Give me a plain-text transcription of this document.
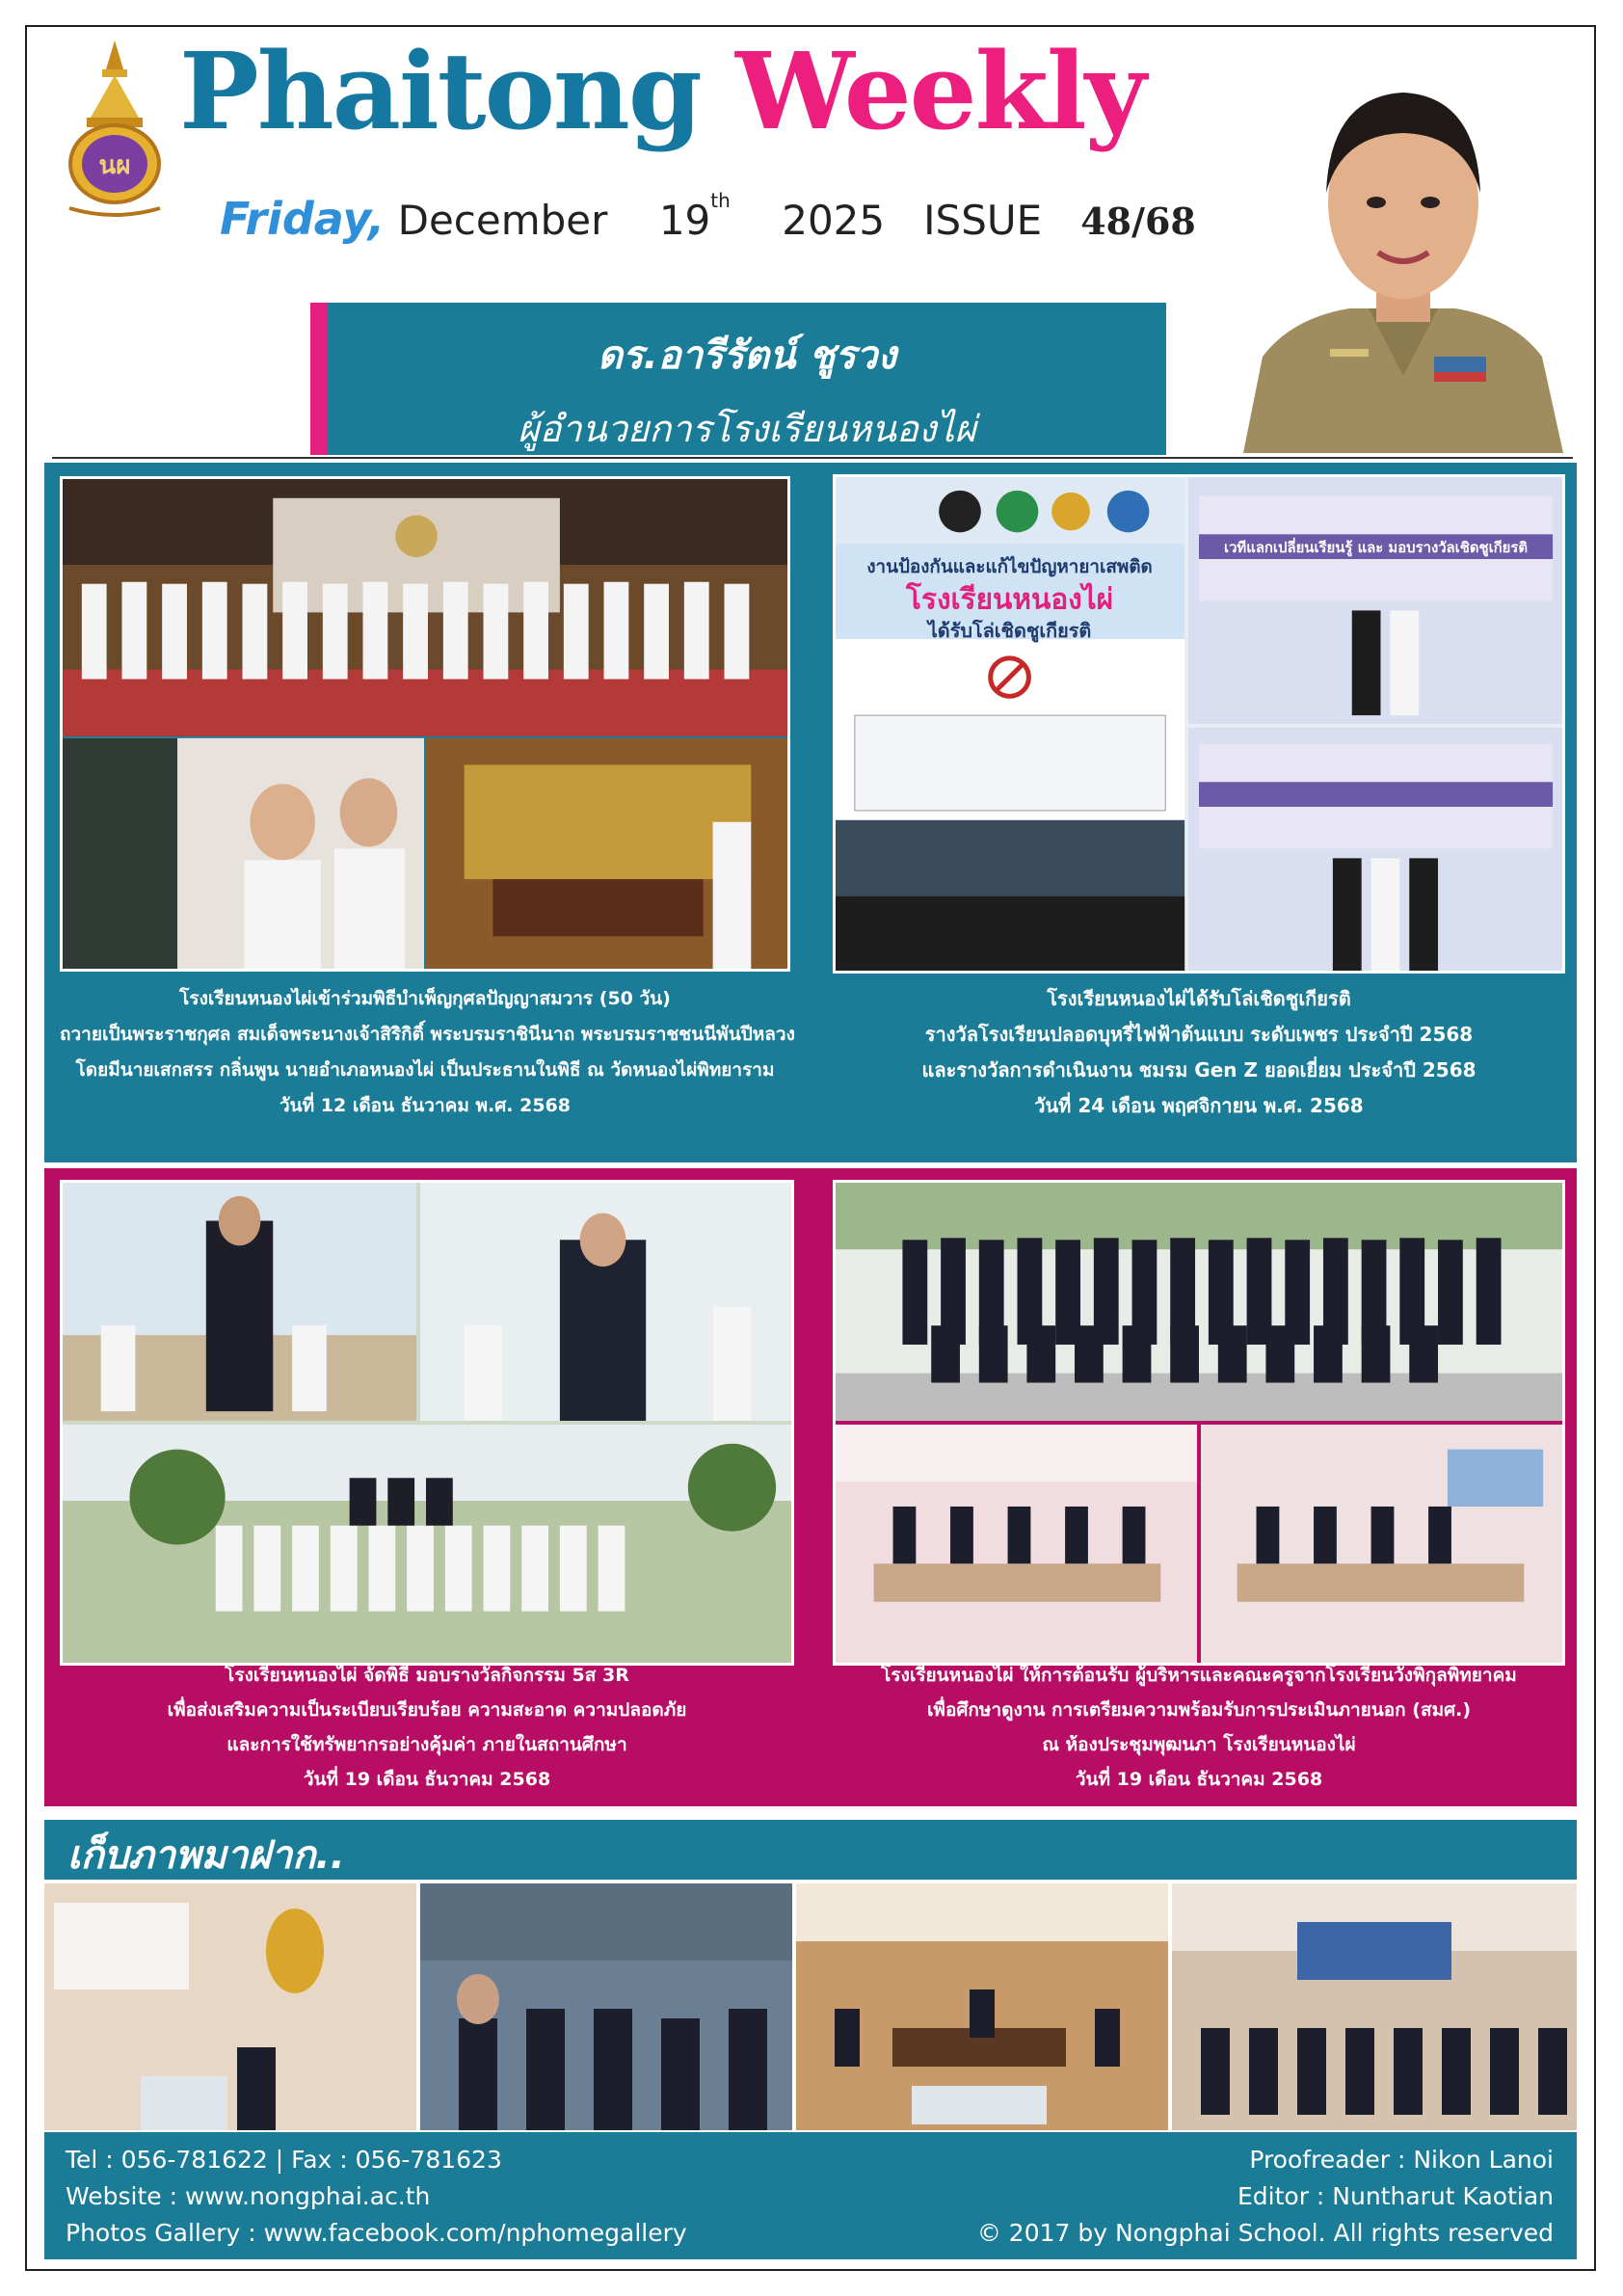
นผ
Phaitong Weekly
Friday, December 19th 2025 ISSUE 48/68
ดร.อารีรัตน์ ชูรวง
ผู้อำนวยการโรงเรียนหนองไผ่
โรงเรียนหนองไผ่เข้าร่วมพิธีบำเพ็ญกุศลปัญญาสมวาร (50 วัน)
ถวายเป็นพระราชกุศล สมเด็จพระนางเจ้าสิริกิติ์ พระบรมราชินีนาถ พระบรมราชชนนีพันปีหลวง
โดยมีนายเสกสรร กลิ่นพูน นายอำเภอหนองไผ่ เป็นประธานในพิธี ณ วัดหนองไผ่พิทยาราม
วันที่ 12 เดือน ธันวาคม พ.ศ. 2568
งานป้องกันและแก้ไขปัญหายาเสพติด
โรงเรียนหนองไผ่
ได้รับโล่เชิดชูเกียรติ
เวทีแลกเปลี่ยนเรียนรู้ และ มอบรางวัลเชิดชูเกียรติ
โรงเรียนหนองไผ่ได้รับโล่เชิดชูเกียรติ
รางวัลโรงเรียนปลอดบุหรี่ไฟฟ้าต้นแบบ ระดับเพชร ประจำปี 2568
และรางวัลการดำเนินงาน ชมรม Gen Z ยอดเยี่ยม ประจำปี 2568
วันที่ 24 เดือน พฤศจิกายน พ.ศ. 2568
โรงเรียนหนองไผ่ จัดพิธี มอบรางวัลกิจกรรม 5ส 3R
เพื่อส่งเสริมความเป็นระเบียบเรียบร้อย ความสะอาด ความปลอดภัย
และการใช้ทรัพยากรอย่างคุ้มค่า ภายในสถานศึกษา
วันที่ 19 เดือน ธันวาคม 2568
โรงเรียนหนองไผ่ ให้การต้อนรับ ผู้บริหารและคณะครูจากโรงเรียนวังพิกุลพิทยาคม
เพื่อศึกษาดูงาน การเตรียมความพร้อมรับการประเมินภายนอก (สมศ.)
ณ ห้องประชุมพุฒนภา โรงเรียนหนองไผ่
วันที่ 19 เดือน ธันวาคม 2568
เก็บภาพมาฝาก..
Tel : 056-781622 | Fax : 056-781623
Website : www.nongphai.ac.th
Photos Gallery : www.facebook.com/nphomegallery
Proofreader : Nikon Lanoi
Editor : Nuntharut Kaotian
© 2017 by Nongphai School. All rights reserved
